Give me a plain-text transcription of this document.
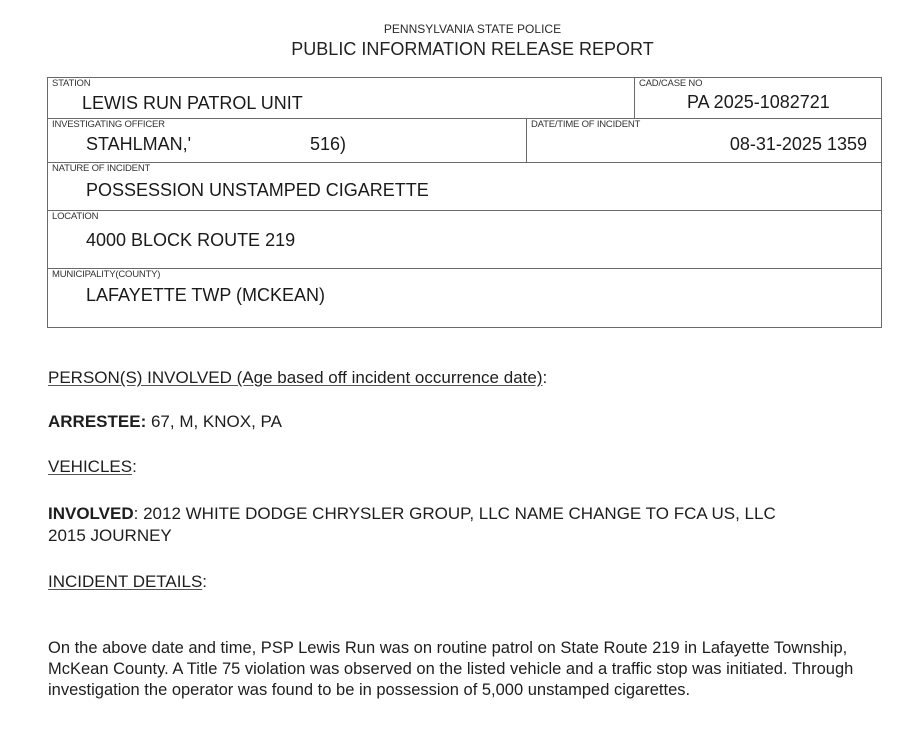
PENNSYLVANIA STATE POLICE
PUBLIC INFORMATION RELEASE REPORT
STATION
LEWIS RUN PATROL UNIT
CAD/CASE NO
PA 2025-1082721
INVESTIGATING OFFICER
STAHLMAN,'	516)
DATE/TIME OF INCIDENT
08-31-2025 1359
NATURE OF INCIDENT
POSSESSION UNSTAMPED CIGARETTE
LOCATION
4000 BLOCK ROUTE 219
MUNICIPALITY(COUNTY)
LAFAYETTE TWP (MCKEAN)
PERSON(S) INVOLVED (Age based off incident occurrence date):
ARRESTEE: 67, M, KNOX, PA
VEHICLES:
INVOLVED: 2012 WHITE DODGE CHRYSLER GROUP, LLC NAME CHANGE TO FCA US, LLC
2015 JOURNEY
INCIDENT DETAILS:
On the above date and time, PSP Lewis Run was on routine patrol on State Route 219 in Lafayette Township, McKean County. A Title 75 violation was observed on the listed vehicle and a traffic stop was initiated. Through investigation the operator was found to be in possession of 5,000 unstamped cigarettes.
